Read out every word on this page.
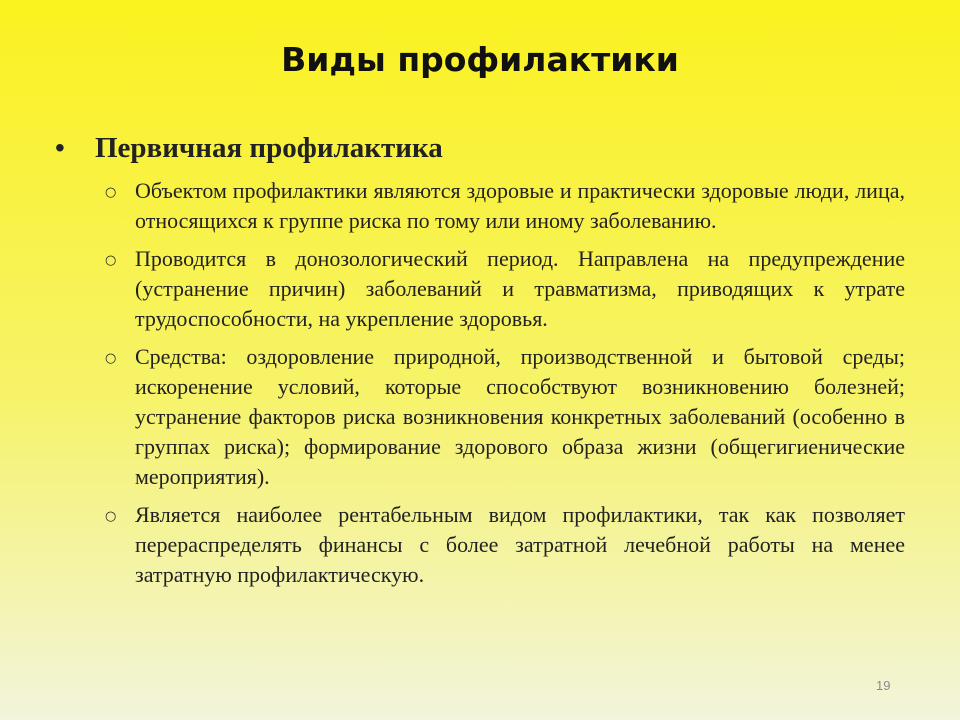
Виды профилактики
•	Первичная профилактика
○ Объектом профилактики являются здоровые и практически здоровые люди, лица, относящихся к группе риска по тому или иному заболеванию.
○ Проводится в донозологический период. Направлена на предупреждение (устранение причин) заболеваний и травматизма, приводящих к утрате трудоспособности, на укрепление здоровья.
○ Средства: оздоровление природной, производственной и бытовой среды; искоренение условий, которые способствуют возникновению болезней; устранение факторов риска возникновения конкретных заболеваний (особенно в группах риска); формирование здорового образа жизни (общегигиенические мероприятия).
○ Является наиболее рентабельным видом профилактики, так как позволяет перераспределять финансы с более затратной лечебной работы на менее затратную профилактическую.
19
